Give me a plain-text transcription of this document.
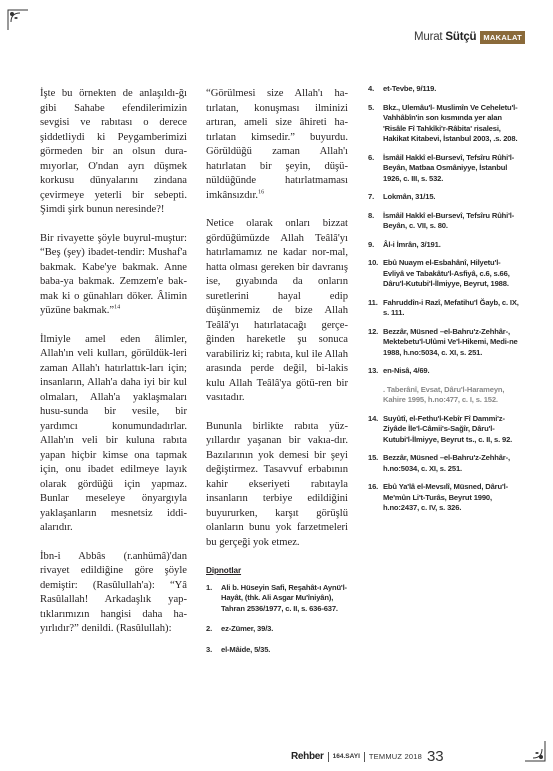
Murat Sütçü MAKALAT

İşte bu örnekten de anlaşıldı-ğı gibi Sahabe efendilerimizin sevgisi ve rabıtası o derece şiddetliydi ki Peygamberimizi görmeden bir an olsun dura-mıyorlar, O'ndan ayrı düşmek korkusu dünyalarını zindana çevirmeye yeterli bir sebepti. Şimdi şirk bunun neresinde?!

Bir rivayette şöyle buyrul-muştur: “Beş (şey) ibadet-tendir: Mushaf'a bakmak. Kabe'ye bakmak. Anne baba-ya bakmak. Zemzem'e bak-mak ki o günahları döker. Âlimin yüzüne bakmak.”$^{14}$

İlmiyle amel eden âlimler, Allah'ın veli kulları, görüldük-leri zaman Allah'ı hatırlattık-ları için; insanların, Allah'a daha iyi bir kul olmaları, Allah'a yaklaşmaları husu-sunda bir vesile, bir yardımcı konumundadırlar. Allah'ın veli bir kuluna rabıta yapan hiçbir kimse ona tapmak için, onu ibadet edilmeye layık olarak gördüğü için yapmaz. Bunlar meseleye önyargıyla yaklaşanların mesnetsiz iddi-alarıdır.

İbn-i Abbâs (r.anhümâ)'dan rivayet edildiğine göre şöyle demiştir: (Rasûlullah'a): “Yâ Rasûlallah! Arkadaşlık yap-tıklarımızın hangisi daha ha-yırlıdır?” denildi. (Rasûlullah):

“Görülmesi size Allah'ı ha-tırlatan, konuşması ilminizi artıran, ameli size âhireti ha-tırlatan kimsedir.” buyurdu. Görüldüğü zaman Allah'ı hatırlatan bir şeyin, düşü-nüldüğünde hatırlatmaması imkânsızdır.$^{16}$

Netice olarak onları bizzat gördüğümüzde Allah Teâlâ'yı hatırlamamız ne kadar nor-mal, hatta olması gereken bir davranış ise, gıyabında da onların suretlerini hayal edip düşünmemiz de bize Allah Teâlâ'yı hatırlatacağı gerçe-ğinden hareketle şu sonuca varabiliriz ki; rabıta, kul ile Allah arasında perde değil, bi-lakis kulu Allah Teâlâ'ya götü-ren bir vasıtadır.

Bununla birlikte rabıta yüz-yıllardır yaşanan bir vakıa-dır. Bazılarının yok demesi bir şeyi değiştirmez. Tasavvuf erbabının kahir ekseriyeti rabıtayla insanların terbiye edildiğini buyururken, karşıt görüşlü olanların bunu yok farzetmeleri bu gerçeği yok etmez.

Dipnotlar
1.	Ali b. Hüseyin Safi, Reşahât-ı Aynü'l-Hayât, (thk. Ali Asgar Mu'îniyân), Tahran 2536/1977, c. II, s. 636-637.
2.	ez-Zümer, 39/3.
3.	el-Mâide, 5/35.
4.	et-Tevbe, 9/119.
5.	Bkz., Ulemâu'l- Muslimîn Ve Ceheletu'l-Vahhâbîn'in son kısmında yer alan 'Risâle Fî Tahkîki'r-Râbita' risalesi, Hakikat Kitabevi, İstanbul 2003, .s. 208.
6.	İsmâil Hakkî el-Bursevî, Tefsîru Rûhi'l-Beyân, Matbaa Osmâniyye, İstanbul 1926, c. III, s. 532.
7.	Lokmân, 31/15.
8.	İsmâil Hakkî el-Bursevî, Tefsîru Rûhi'l-Beyân, c. VII, s. 80.
9.	Âl-i İmrân, 3/191.
10. Ebû Nuaym el-Esbahânî, Hilyetu'l-Evliyâ ve Tabakâtu'l-Asfiyâ, c.6, s.66, Dâru'l-Kutubi'l-İlmiyye, Beyrut, 1988.
11. Fahruddîn-i Razî, Mefatihu'l Ğayb, c. IX, s. 111.
12. Bezzâr, Müsned –el-Bahru'z-Zehhâr-, Mektebetu'l-Ulûmi Ve'l-Hikemi, Medi-ne 1988, h.no:5034, c. XI, s. 251.
13. en-Nisâ, 4/69.
. Taberânî, Evsat, Dâru'l-Harameyn, Kahire 1995, h.no:477, c. I, s. 152.
14. Suyûtî, el-Fethu'l-Kebîr Fî Dammi'z-Ziyâde İle'l-Câmii's-Sağîr, Dâru'l-Kutubi'l-İlmiyye, Beyrut ts., c. II, s. 92.
15. Bezzâr, Müsned –el-Bahru'z-Zehhâr-, h.no:5034, c. XI, s. 251.
16. Ebû Ya'lâ el-Mevsılî, Müsned, Dâru'l-Me'mûn Li't-Turâs, Beyrut 1990, h.no:2437, c. IV, s. 326.
Rehber 164.SAYI TEMMUZ 2018 33
